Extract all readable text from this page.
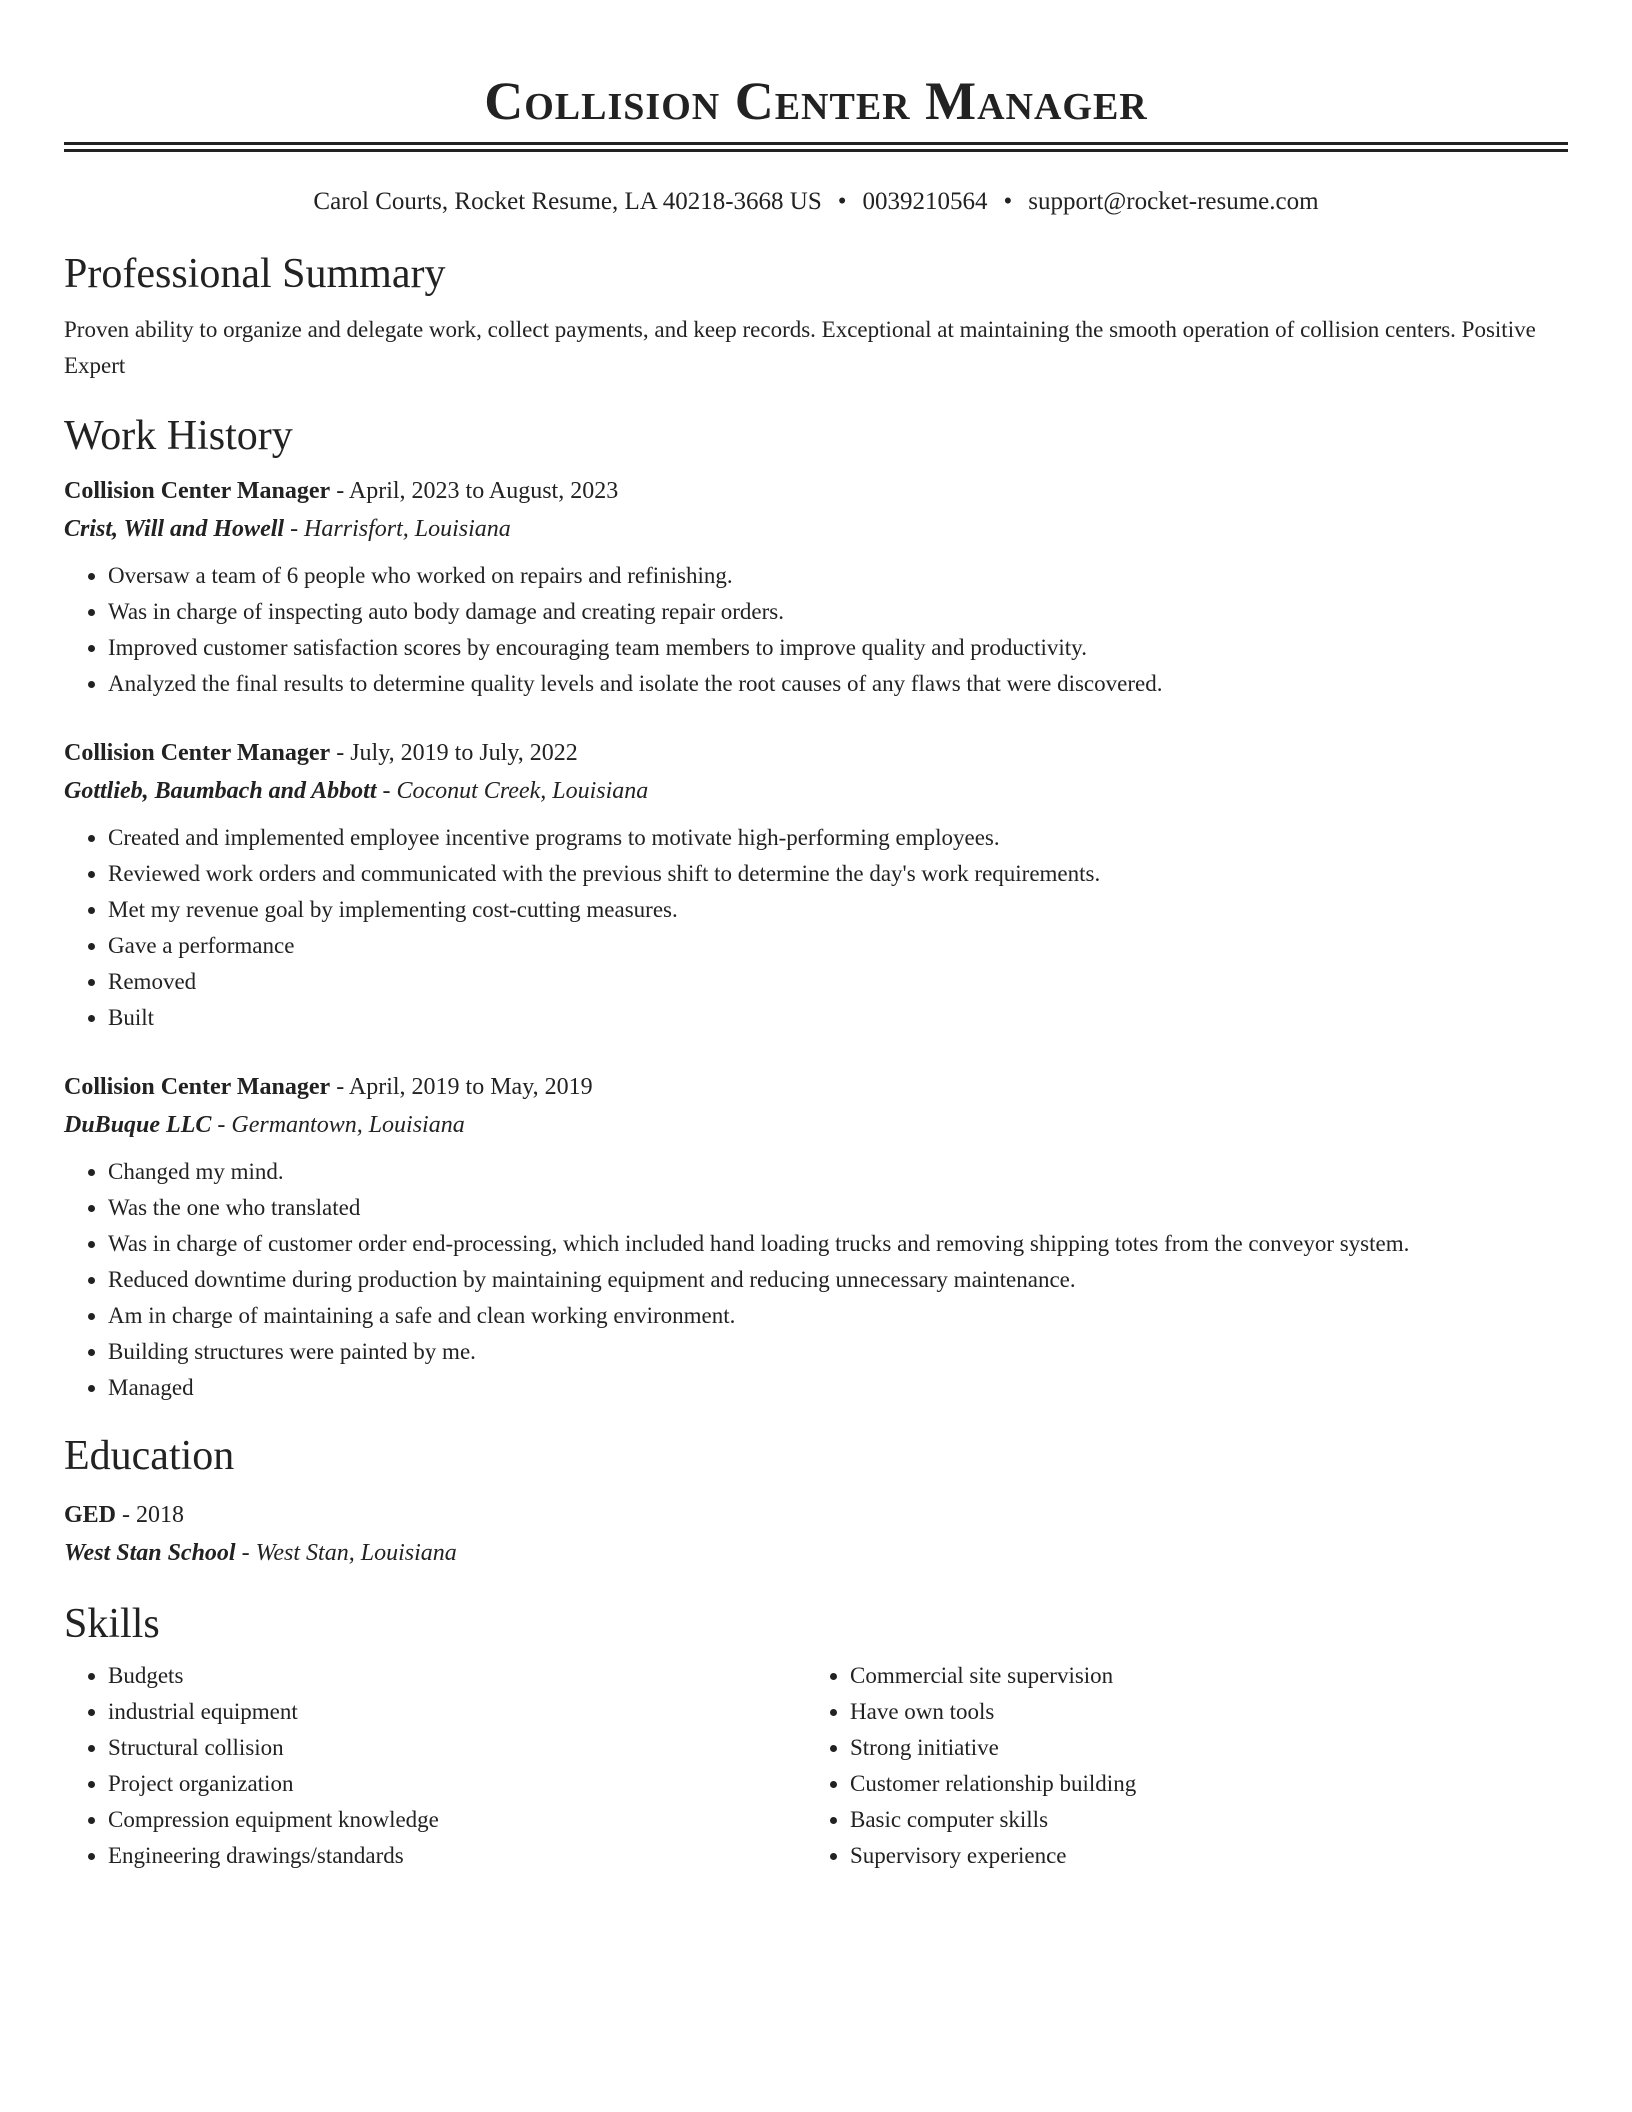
Collision Center Manager
Carol Courts, Rocket Resume, LA 40218-3668 US • 0039210564 • support@rocket-resume.com
Professional Summary
Proven ability to organize and delegate work, collect payments, and keep records. Exceptional at maintaining the smooth operation of collision centers. Positive Expert
Work History
Collision Center Manager - April, 2023 to August, 2023
Crist, Will and Howell - Harrisfort, Louisiana
• Oversaw a team of 6 people who worked on repairs and refinishing.
• Was in charge of inspecting auto body damage and creating repair orders.
• Improved customer satisfaction scores by encouraging team members to improve quality and productivity.
• Analyzed the final results to determine quality levels and isolate the root causes of any flaws that were discovered.
Collision Center Manager - July, 2019 to July, 2022
Gottlieb, Baumbach and Abbott - Coconut Creek, Louisiana
• Created and implemented employee incentive programs to motivate high-performing employees.
• Reviewed work orders and communicated with the previous shift to determine the day's work requirements.
• Met my revenue goal by implementing cost-cutting measures.
• Gave a performance
• Removed
• Built
Collision Center Manager - April, 2019 to May, 2019
DuBuque LLC - Germantown, Louisiana
• Changed my mind.
• Was the one who translated
• Was in charge of customer order end-processing, which included hand loading trucks and removing shipping totes from the conveyor system.
• Reduced downtime during production by maintaining equipment and reducing unnecessary maintenance.
• Am in charge of maintaining a safe and clean working environment.
• Building structures were painted by me.
• Managed
Education
GED - 2018
West Stan School - West Stan, Louisiana
Skills
• Budgets
• industrial equipment
• Structural collision
• Project organization
• Compression equipment knowledge
• Engineering drawings/standards
• Commercial site supervision
• Have own tools
• Strong initiative
• Customer relationship building
• Basic computer skills
• Supervisory experience
